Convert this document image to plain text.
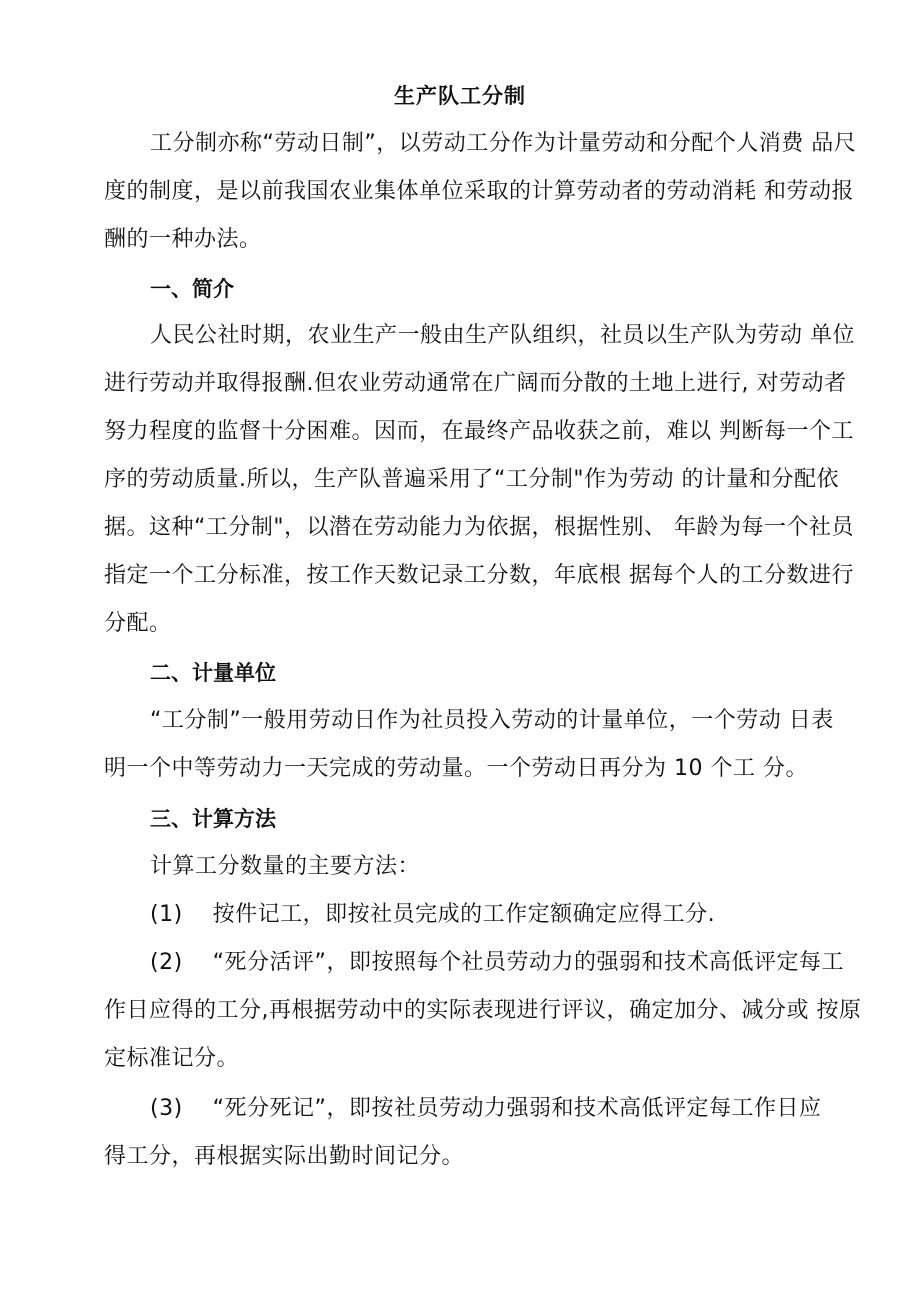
生产队工分制
工分制亦称“劳动日制”，以劳动工分作为计量劳动和分配个人消费 品尺
度的制度，是以前我国农业集体单位采取的计算劳动者的劳动消耗 和劳动报
酬的一种办法。
一、简介
人民公社时期，农业生产一般由生产队组织，社员以生产队为劳动 单位
进行劳动并取得报酬.但农业劳动通常在广阔而分散的土地上进行, 对劳动者
努力程度的监督十分困难。因而，在最终产品收获之前，难以 判断每一个工
序的劳动质量.所以，生产队普遍采用了“工分制"作为劳动 的计量和分配依
据。这种“工分制"，以潜在劳动能力为依据，根据性别、 年龄为每一个社员
指定一个工分标准，按工作天数记录工分数，年底根 据每个人的工分数进行
分配。
二、计量单位
“工分制”一般用劳动日作为社员投入劳动的计量单位，一个劳动 日表
明一个中等劳动力一天完成的劳动量。一个劳动日再分为 10 个工 分。
三、计算方法
计算工分数量的主要方法：
(1)　 按件记工，即按社员完成的工作定额确定应得工分.
(2)　 “死分活评”，即按照每个社员劳动力的强弱和技术高低评定每工
作日应得的工分,再根据劳动中的实际表现进行评议，确定加分、减分或 按原
定标准记分。
(3)　 “死分死记”，即按社员劳动力强弱和技术高低评定每工作日应
得工分，再根据实际出勤时间记分。
